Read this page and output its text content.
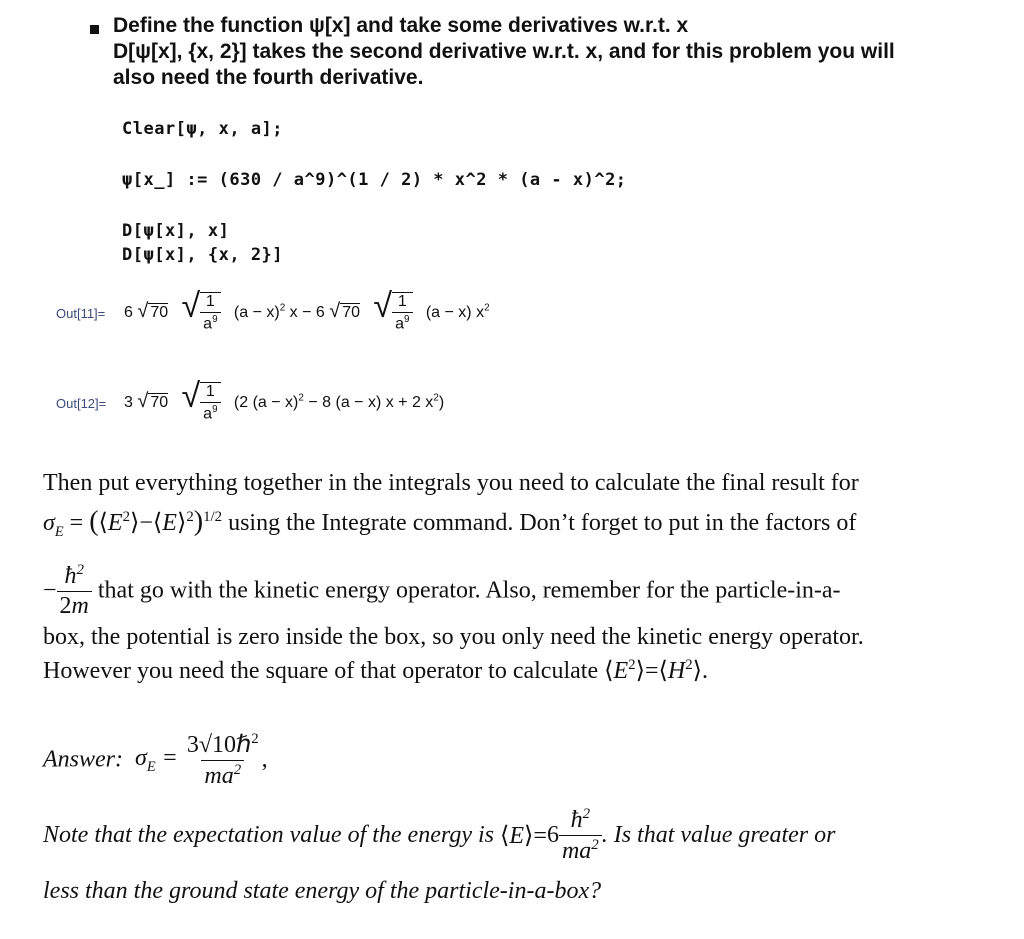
Define the function ψ[x] and take some derivatives w.r.t. x
D[ψ[x], {x, 2}] takes the second derivative w.r.t. x, and for this problem you will
also need the fourth derivative.
Clear[ψ, x, a];
ψ[x_] := (630 / a^9)^(1 / 2) * x^2 * (a - x)^2;
D[ψ[x], x]
D[ψ[x], {x, 2}]
Out[11]= 6 √ 70 √ $\frac{1}{a^9} (a - x)^2$ x − 6 √ 70 √ $\frac{1}{a^9} (a - x)$ $x^2$
Out[12]= 3 √ 70 √ $\frac{1}{a^9} (2$ $(a - x)^2 - 8$ (a − x) x + 2 $x^2$)
Then put everything together in the integrals you need to calculate the final result for
$\sigma_E$ = $(⟨E^2⟩-⟨E⟩^2)^{1/2}$ using the Integrate command. Don’t forget to put in the factors of
− $\frac{ħ^2}{2m}$ that go with the kinetic energy operator. Also, remember for the particle-in-a-
box, the potential is zero inside the box, so you only need the kinetic energy operator.
However you need the square of that operator to calculate $⟨E^2⟩=⟨H^2⟩$.
Answer: $\sigma_E = \frac{3√10\hbar^2}{ma^2}$ ,
Note that the expectation value of the energy is ⟨E⟩=6 $\frac{ħ^2}{ma^2}$ . Is that value greater or
less than the ground state energy of the particle-in-a-box?
